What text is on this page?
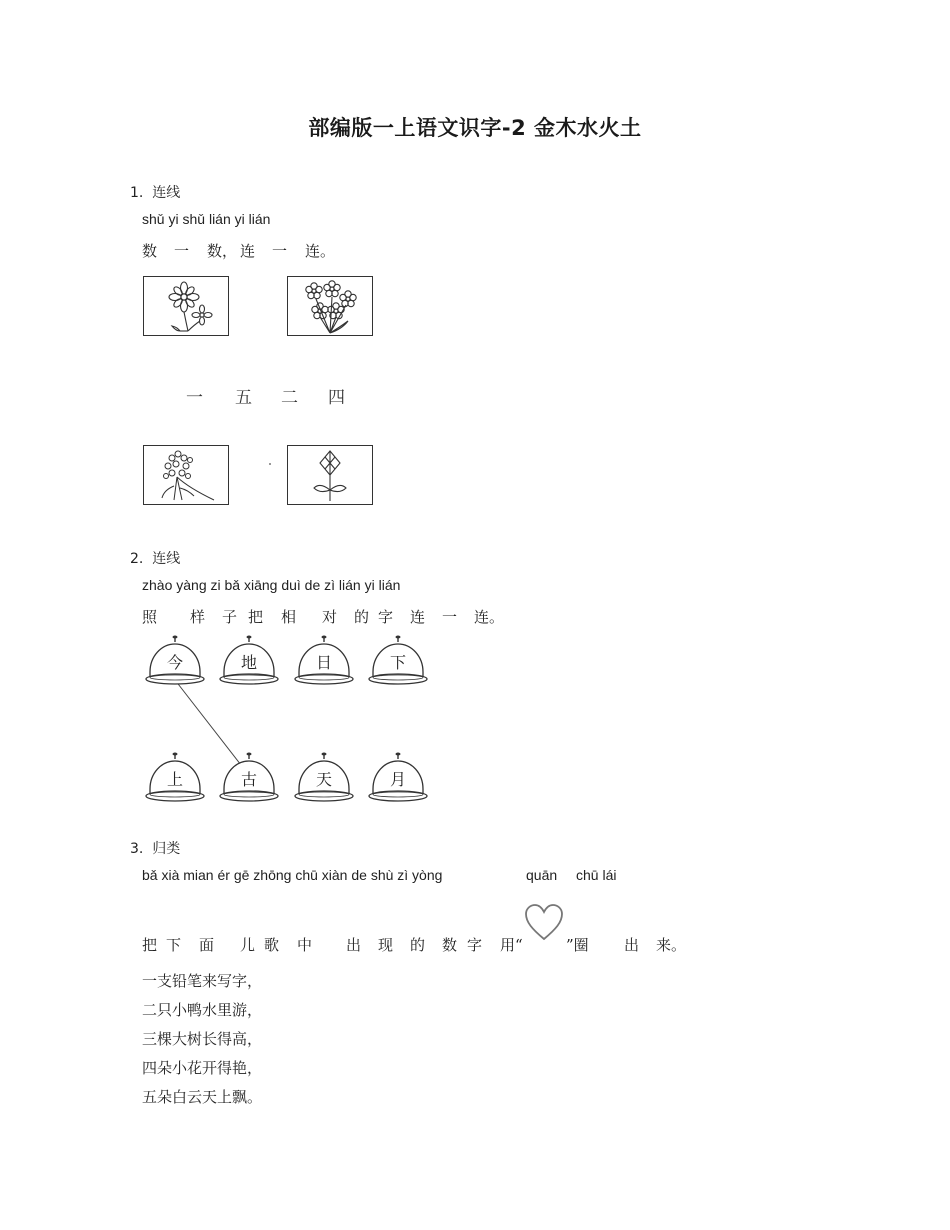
部编版一上语文识字-2 金木水火土
1. 连线
shǔ yi shǔ lián yi lián
数 一 数， 连 一 连。
一 五 二 四
2. 连线
zhào yàng zi bǎ xiāng duì de zì lián yi lián
照 样 子 把 相 对 的 字 连 一 连。
今	地	日	下
上	古	天	月
3. 归类
bǎ xià mian ér gē zhōng chū xiàn de shù zì yòng	quān chū lái
把 下 面 儿 歌 中 出 现 的 数 字 用“	”圈 出 来。
一支铅笔来写字，
二只小鸭水里游，
三棵大树长得高，
四朵小花开得艳，
五朵白云天上飘。
